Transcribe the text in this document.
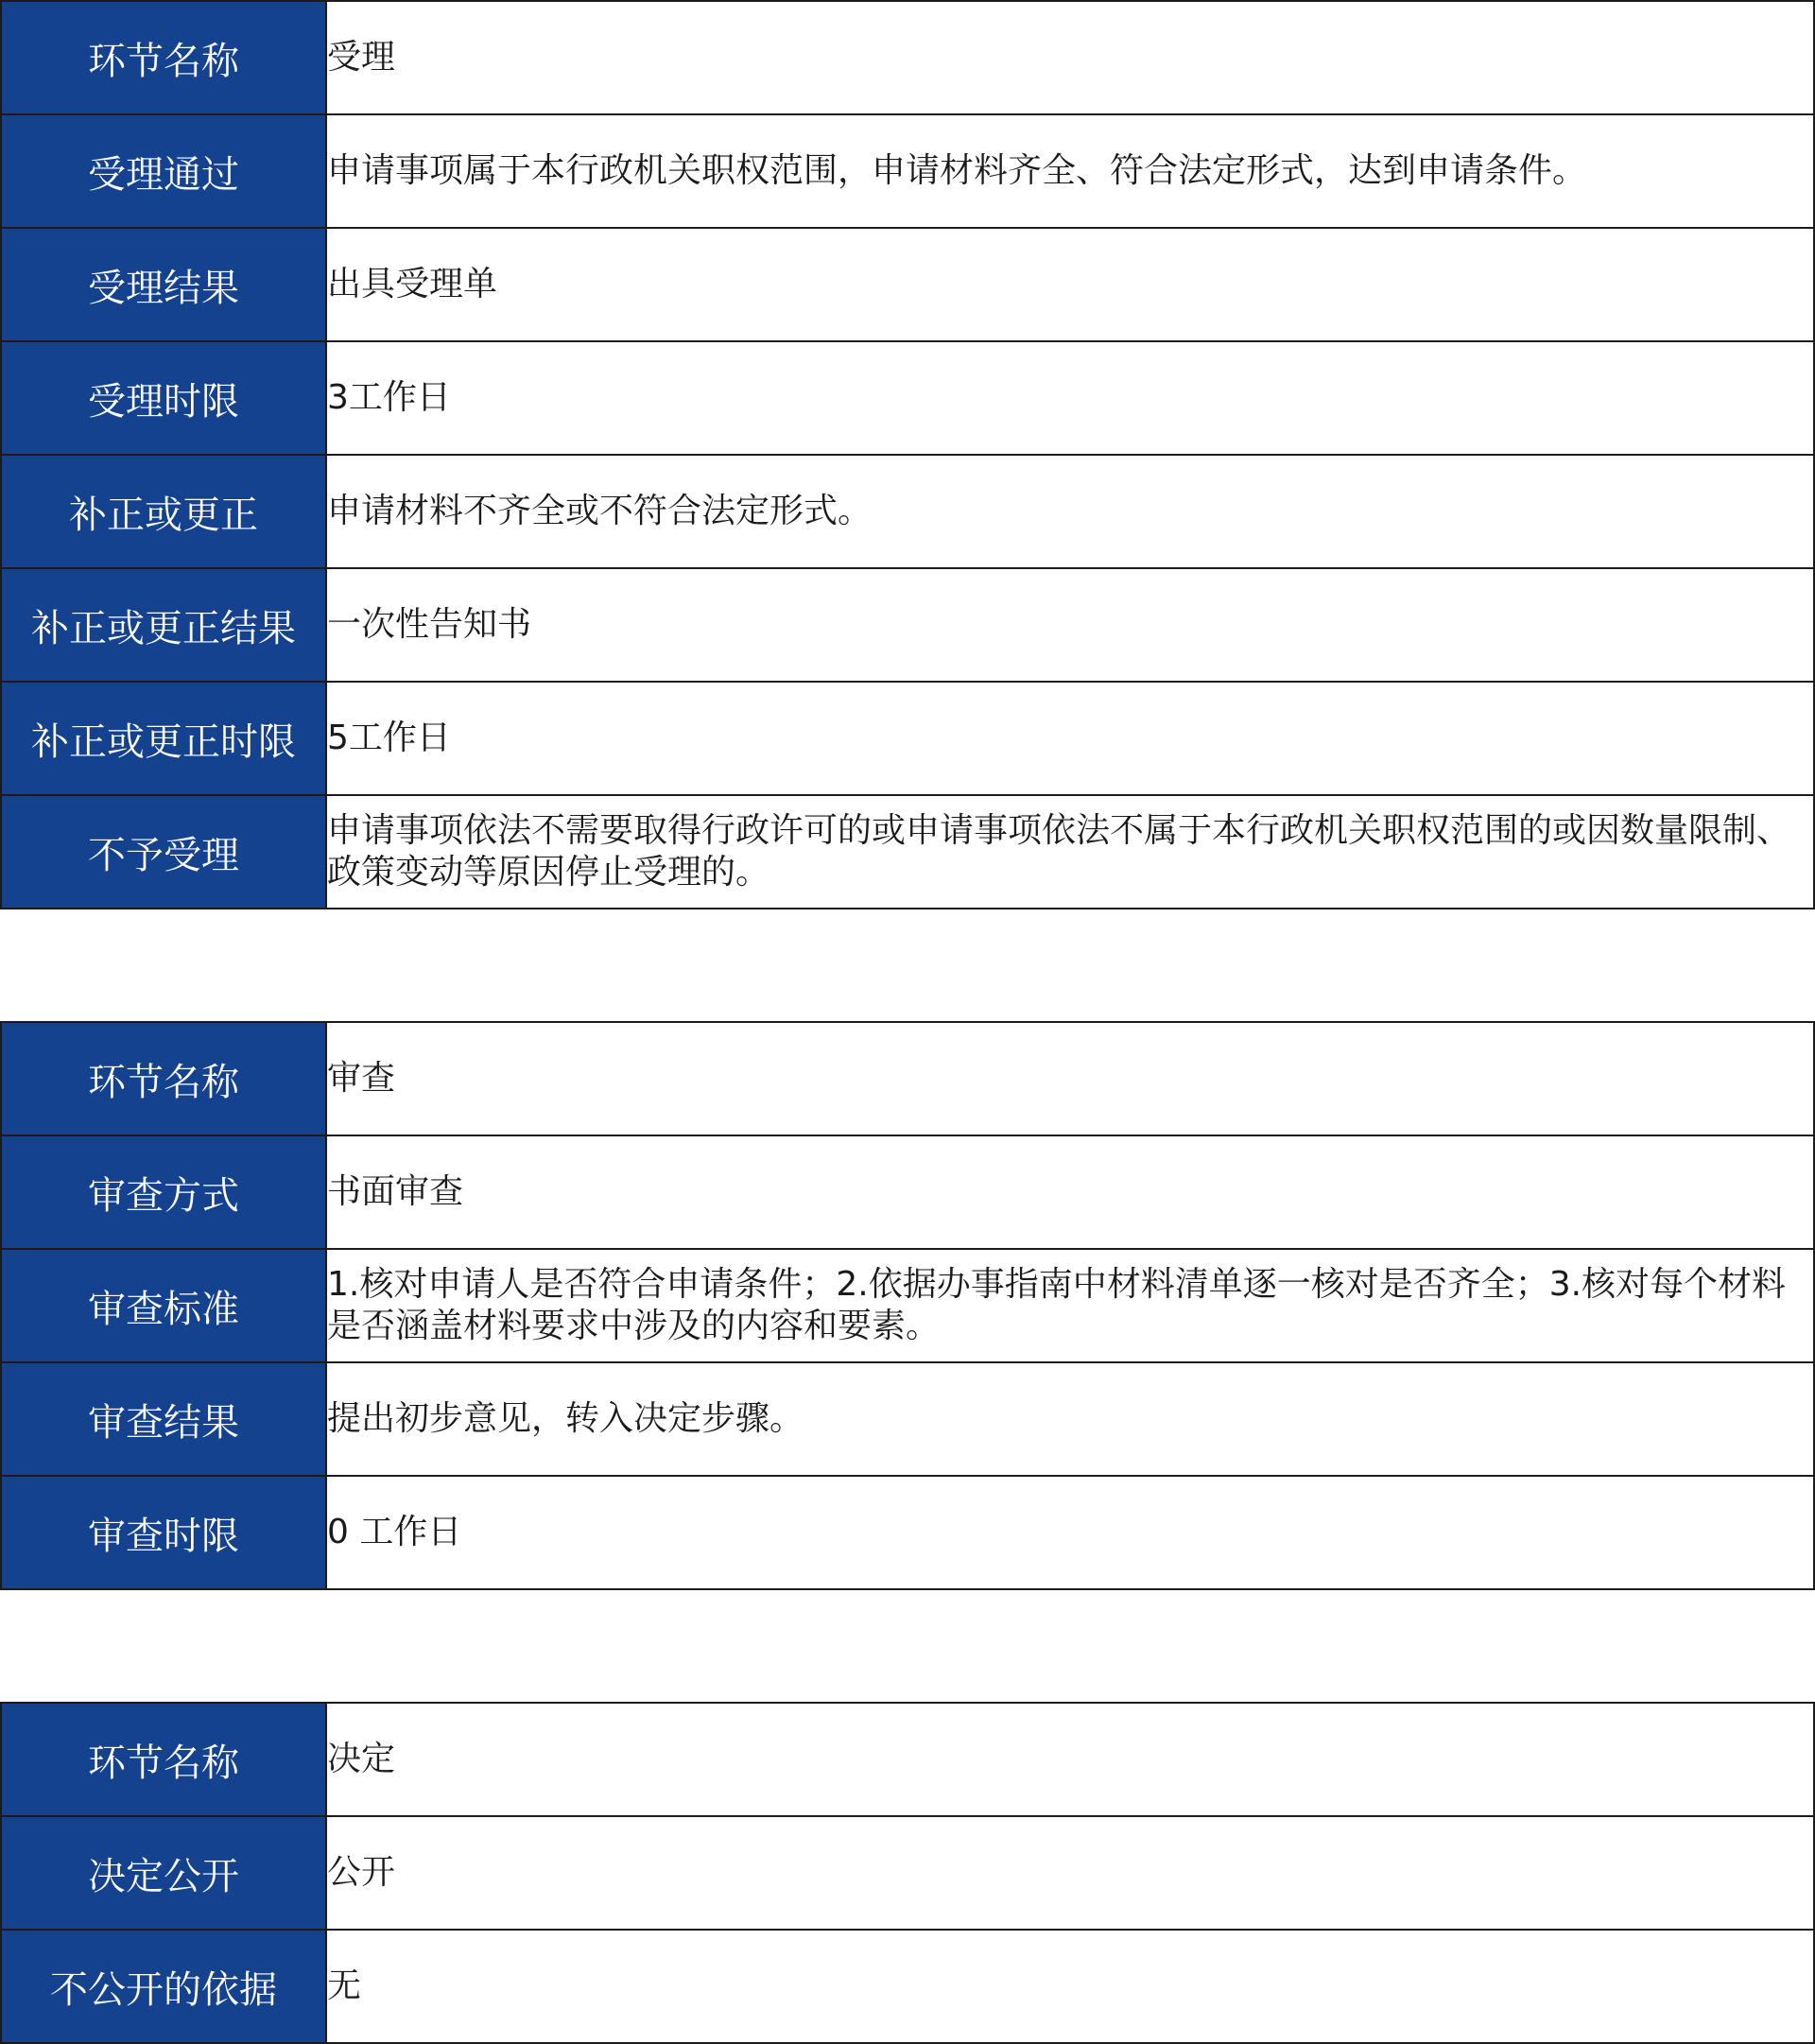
环节名称	受理
受理通过	申请事项属于本行政机关职权范围，申请材料齐全、符合法定形式，达到申请条件。
受理结果	出具受理单
受理时限	3工作日
补正或更正	申请材料不齐全或不符合法定形式。
补正或更正结果	一次性告知书
补正或更正时限	5工作日
不予受理	申请事项依法不需要取得行政许可的或申请事项依法不属于本行政机关职权范围的或因数量限制、政策变动等原因停止受理的。
环节名称	审查
审查方式	书面审查
审查标准	1.核对申请人是否符合申请条件；2.依据办事指南中材料清单逐一核对是否齐全；3.核对每个材料是否涵盖材料要求中涉及的内容和要素。
审查结果	提出初步意见，转入决定步骤。
审查时限	0 工作日
环节名称	决定
决定公开	公开
不公开的依据	无
